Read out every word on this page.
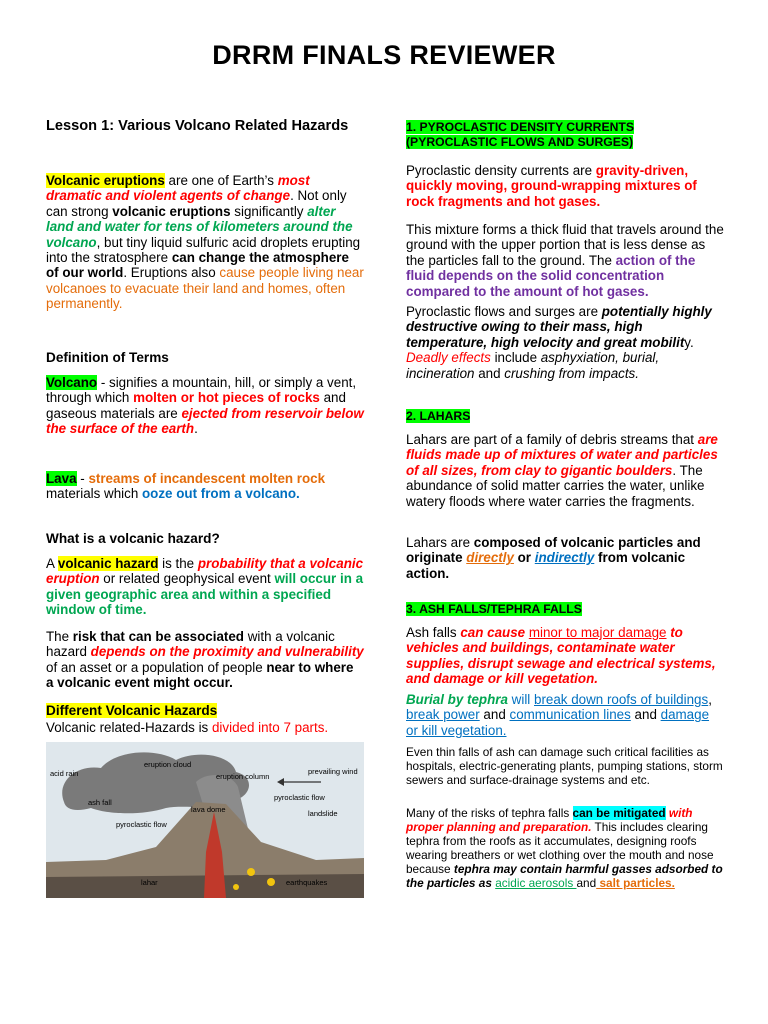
DRRM FINALS REVIEWER

Lesson 1: Various Volcano Related Hazards

Volcanic eruptions are one of Earth’s most dramatic and violent agents of change. Not only can strong volcanic eruptions significantly alter land and water for tens of kilometers around the volcano, but tiny liquid sulfuric acid droplets erupting into the stratosphere can change the atmosphere of our world. Eruptions also cause people living near volcanoes to evacuate their land and homes, often permanently.

Definition of Terms

Volcano - signifies a mountain, hill, or simply a vent, through which molten or hot pieces of rocks and gaseous materials are ejected from reservoir below the surface of the earth.

Lava - streams of incandescent molten rock materials which ooze out from a volcano.

What is a volcanic hazard?

A volcanic hazard is the probability that a volcanic eruption or related geophysical event will occur in a given geographic area and within a specified window of time.

The risk that can be associated with a volcanic hazard depends on the proximity and vulnerability of an asset or a population of people near to where a volcanic event might occur.

Different Volcanic Hazards

Volcanic related-Hazards is divided into 7 parts.

eruption cloud
acid rain	prevailing wind
eruption column
ash fall
pyroclastic flow
lava dome
pyroclastic flow
landslide
lahar	earthquakes

1. PYROCLASTIC DENSITY CURRENTS (PYROCLASTIC FLOWS AND SURGES)

Pyroclastic density currents are gravity-driven, quickly moving, ground-wrapping mixtures of rock fragments and hot gases.

This mixture forms a thick fluid that travels around the ground with the upper portion that is less dense as the particles fall to the ground. The action of the fluid depends on the solid concentration compared to the amount of hot gases.

Pyroclastic flows and surges are potentially highly destructive owing to their mass, high temperature, high velocity and great mobility. Deadly effects include asphyxiation, burial, incineration and crushing from impacts.

2. LAHARS

Lahars are part of a family of debris streams that are fluids made up of mixtures of water and particles of all sizes, from clay to gigantic boulders. The abundance of solid matter carries the water, unlike watery floods where water carries the fragments.

Lahars are composed of volcanic particles and originate directly or indirectly from volcanic action.

3. ASH FALLS/TEPHRA FALLS

Ash falls can cause minor to major damage to vehicles and buildings, contaminate water supplies, disrupt sewage and electrical systems, and damage or kill vegetation.

Burial by tephra will break down roofs of buildings, break power and communication lines and damage or kill vegetation.

Even thin falls of ash can damage such critical facilities as hospitals, electric-generating plants, pumping stations, storm sewers and surface-drainage systems and etc.

Many of the risks of tephra falls can be mitigated with proper planning and preparation. This includes clearing tephra from the roofs as it accumulates, designing roofs wearing breathers or wet clothing over the mouth and nose because tephra may contain harmful gasses adsorbed to the particles as acidic aerosols and salt particles.
